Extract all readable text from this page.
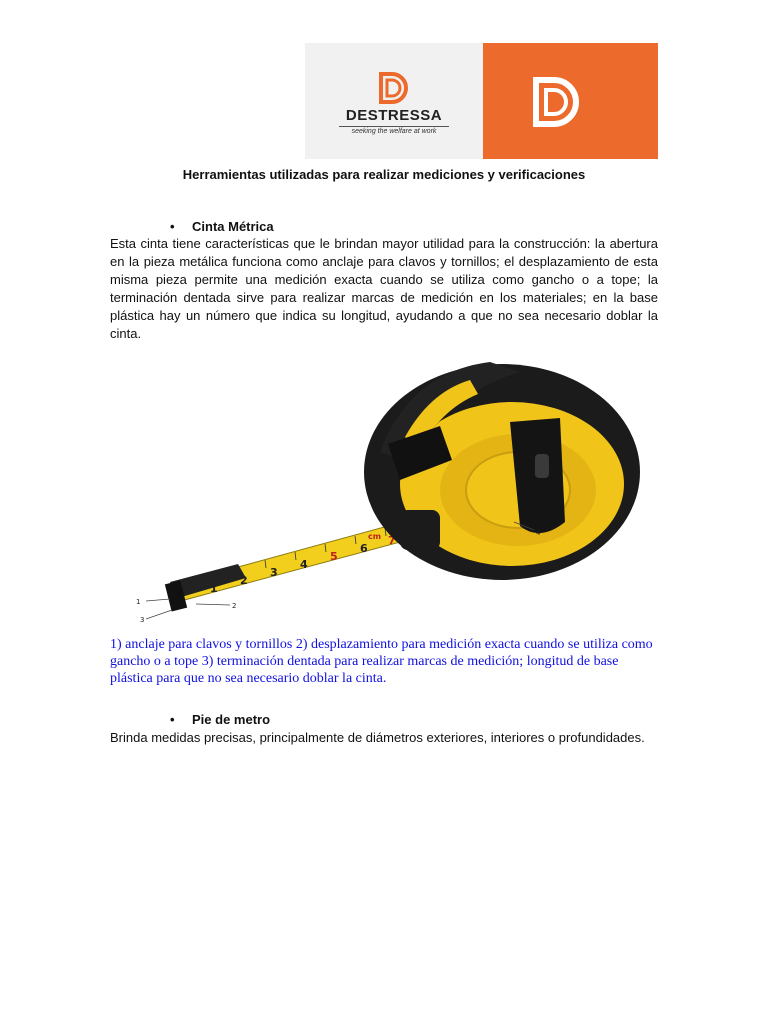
DESTRESSA
seeking the welfare at work
Herramientas utilizadas para realizar mediciones y verificaciones
• Cinta Métrica
Esta cinta tiene características que le brindan mayor utilidad para la construcción: la abertura en la pieza metálica funciona como anclaje para clavos y tornillos; el desplazamiento de esta misma pieza permite una medición exacta cuando se utiliza como gancho o a tope; la terminación dentada sirve para realizar marcas de medición en los materiales; en la base plástica hay un número que indica su longitud, ayudando a que no sea necesario doblar la cinta.
1
2
3
4
5
6
7
cm
1	2
3
4
1) anclaje para clavos y tornillos 2) desplazamiento para medición exacta cuando se utiliza como gancho o a tope 3) terminación dentada para realizar marcas de medición; longitud de base plástica para que no sea necesario doblar la cinta.
• Pie de metro
Brinda medidas precisas, principalmente de diámetros exteriores, interiores o profundidades.
